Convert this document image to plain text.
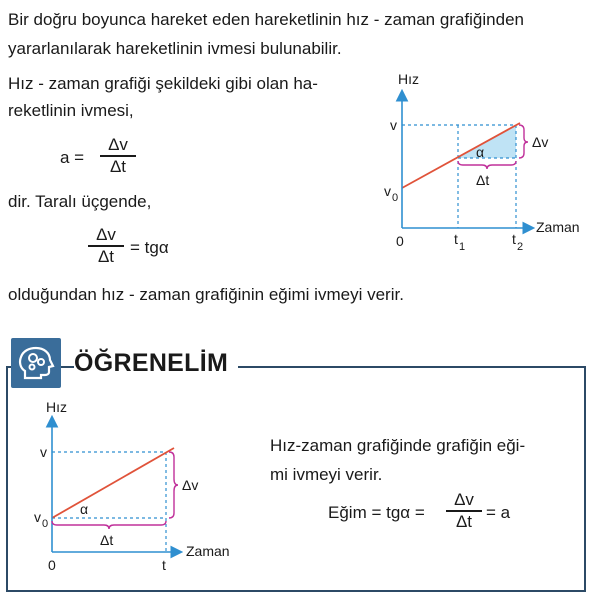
Bir doğru boyunca hareket eden hareketlinin hız - zaman grafiğinden
yararlanılarak hareketlinin ivmesi bulunabilir.
Hız - zaman grafiği şekildeki gibi olan ha-
reketlinin ivmesi,
a =
Δv
Δt
dir. Taralı üçgende,
Δv
Δt = tgα
olduğundan hız - zaman grafiğinin eğimi ivmeyi verir.
Hız
Zaman
v
v 0
0	t 1	t 2
α
Δv
Δt
ÖĞRENELİM
Hız
Zaman
v
v 0
0	t
α
Δv
Δt
Hız-zaman grafiğinde grafiğin eği-
mi ivmeyi verir.
Eğim = tgα =
Δv
Δt = a
